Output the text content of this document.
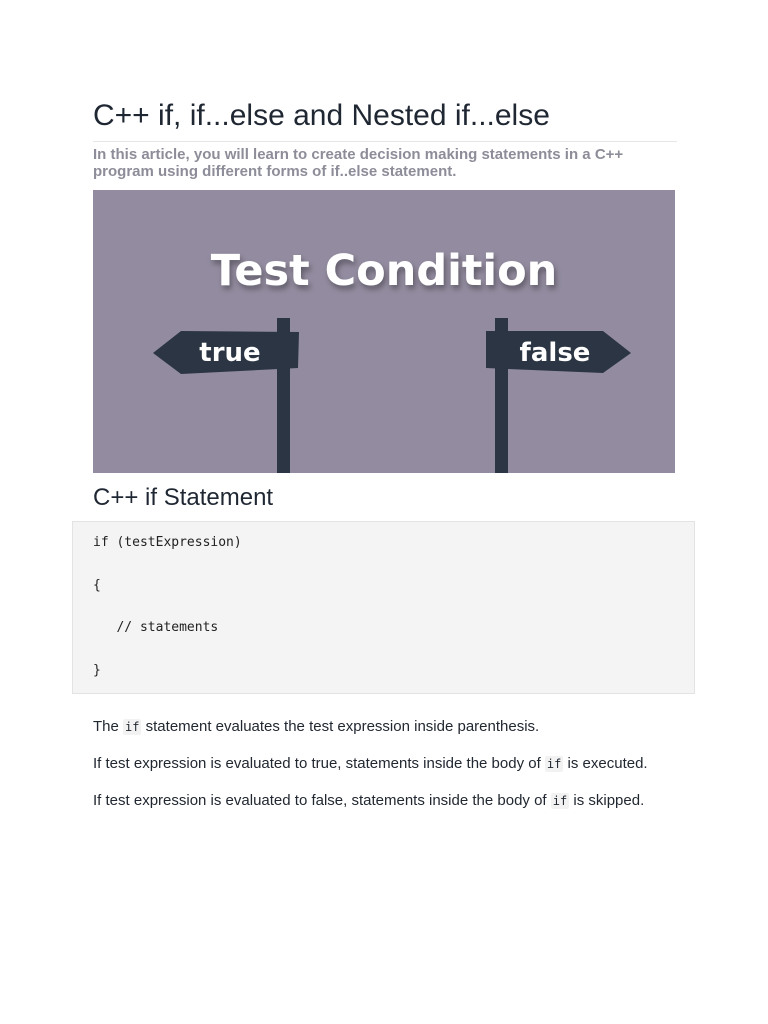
C++ if, if...else and Nested if...else

In this article, you will learn to create decision making statements in a C++ program using different forms of if..else statement.

Test Condition
true	false
C++ if Statement
if (testExpression)
{
// statements
}

The if statement evaluates the test expression inside parenthesis.

If test expression is evaluated to true, statements inside the body of if is executed.

If test expression is evaluated to false, statements inside the body of if is skipped.
